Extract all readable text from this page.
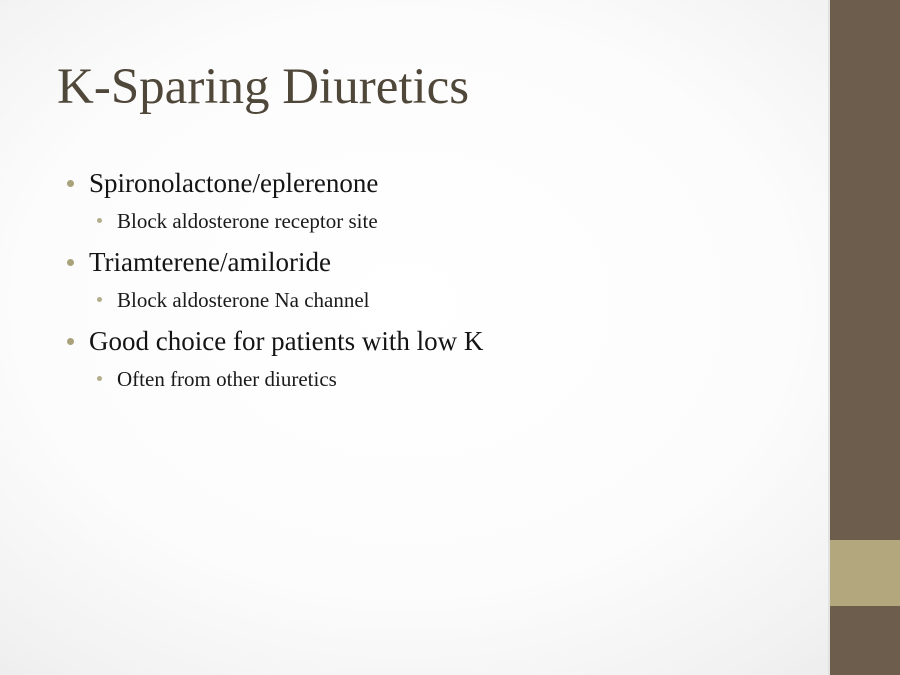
K-Sparing Diuretics
Spironolactone/eplerenone
Block aldosterone receptor site
Triamterene/amiloride
Block aldosterone Na channel
Good choice for patients with low K
Often from other diuretics
